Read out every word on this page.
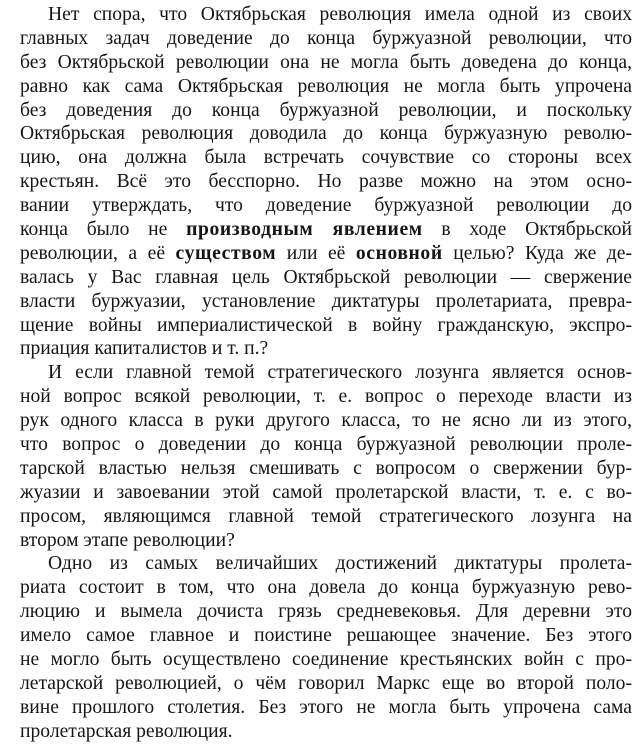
Нет спора, что Октябрьская революция имела одной из своих
главных задач доведение до конца буржуазной революции, что
без Октябрьской революции она не могла быть доведена до конца,
равно как сама Октябрьская революция не могла быть упрочена
без доведения до конца буржуазной революции, и поскольку
Октябрьская революция доводила до конца буржуазную револю-
цию, она должна была встречать сочувствие со стороны всех
крестьян. Всё это бесспорно. Но разве можно на этом осно-
вании утверждать, что доведение буржуазной революции до
конца было не производным явлением в ходе Октябрьской
революции, а её существом или её основной целью? Куда же де-
валась у Вас главная цель Октябрьской революции — свержение
власти буржуазии, установление диктатуры пролетариата, превра-
щение войны империалистической в войну гражданскую, экспро-
приация капиталистов и т. п.?
И если главной темой стратегического лозунга является основ-
ной вопрос всякой революции, т. е. вопрос о переходе власти из
рук одного класса в руки другого класса, то не ясно ли из этого,
что вопрос о доведении до конца буржуазной революции проле-
тарской властью нельзя смешивать с вопросом о свержении бур-
жуазии и завоевании этой самой пролетарской власти, т. е. с во-
просом, являющимся главной темой стратегического лозунга на
втором этапе революции?
Одно из самых величайших достижений диктатуры пролета-
риата состоит в том, что она довела до конца буржуазную рево-
люцию и вымела дочиста грязь средневековья. Для деревни это
имело самое главное и поистине решающее значение. Без этого
не могло быть осуществлено соединение крестьянских войн с про-
летарской революцией, о чём говорил Маркс еще во второй поло-
вине прошлого столетия. Без этого не могла быть упрочена сама
пролетарская революция.
